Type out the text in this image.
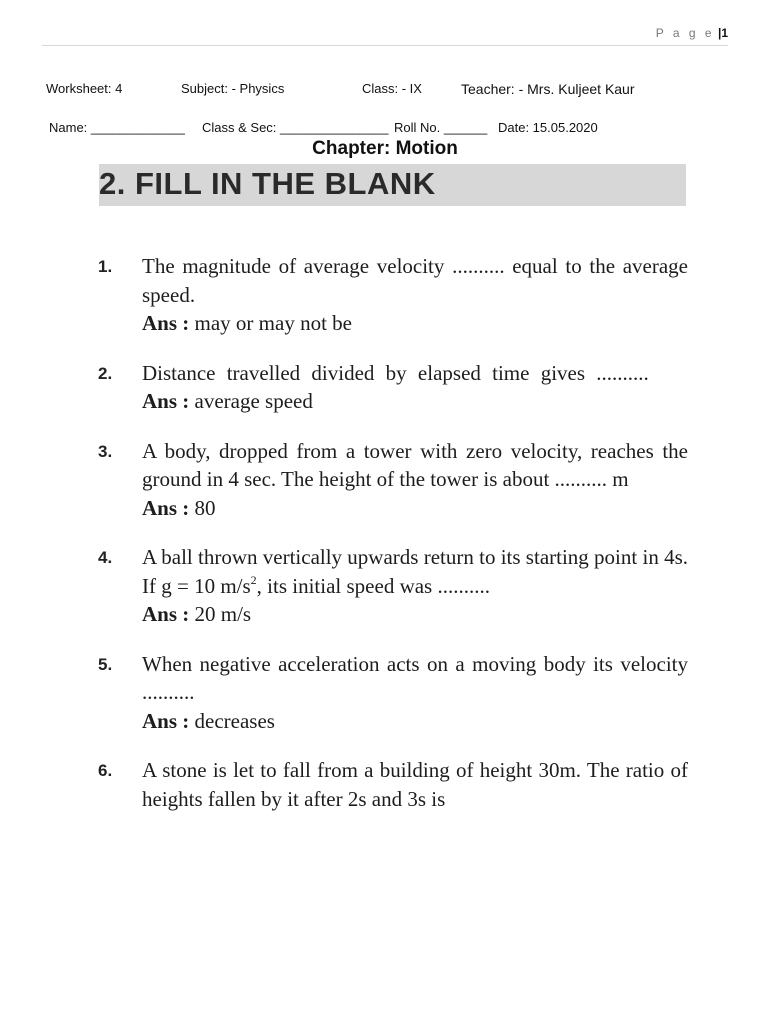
P a g e |1
Worksheet: 4	Subject: - Physics	Class: - IX	Teacher: - Mrs. Kuljeet Kaur
Name: _____________ Class & Sec: _______________ Roll No. ______ Date: 15.05.2020
Chapter: Motion
2. FILL IN THE BLANK
1. The magnitude of average velocity .......... equal to the average speed.

Ans : may or may not be

2. Distance travelled divided by elapsed time gives ..........

Ans : average speed

3. A body, dropped from a tower with zero velocity, reaches the ground in 4 sec. The height of the tower is about .......... m

Ans : 80

4. A ball thrown vertically upwards return to its starting point in 4s. If g = 10 $m/s^2$, its initial speed was ..........

Ans : 20 m/s

5. When negative acceleration acts on a moving body its velocity ..........

Ans : decreases

6. A stone is let to fall from a building of height 30m. The ratio of heights fallen by it after 2s and 3s is
